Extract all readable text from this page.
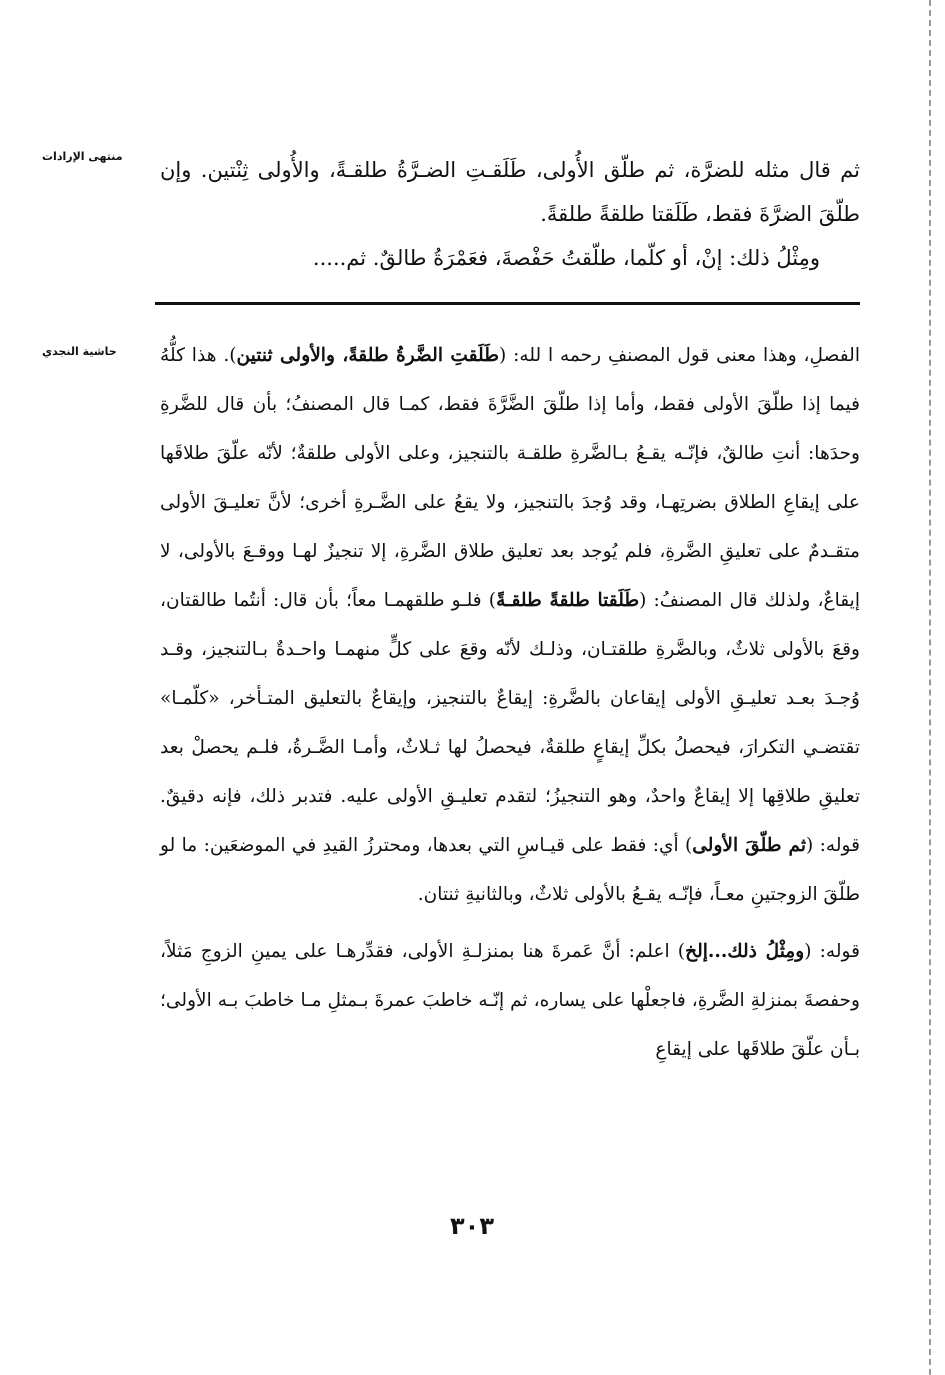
منتهى الإرادات
حاشية النجدي

ثم قال مثله للضرَّة، ثم طلّق الأُولى، طَلَقـتِ الضـرَّةُ طلقـةً، والأُولى ثِنْتين. وإن طلّقَ الضرَّةَ فقط، طَلَقتا طلقةً طلقةً.

ومِثْلُ ذلك: إنْ، أو كلّما، طلّقتُ حَفْصةَ، فعَمْرَةُ طالقٌ. ثم.....

الفصلِ، وهذا معنى قول المصنفِ رحمه ا لله: (طَلَقتِ الضَّرةُ طلقةً، والأولى ثنتين). هذا كلُّهُ فيما إذا طلّقَ الأولى فقط، وأما إذا طلّقَ الضَّرَّةَ فقط، كمـا قال المصنفُ؛ بأن قال للضَّرةِ وحدَها: أنتِ طالقٌ، فإنّـه يقـعُ بـالضَّرةِ طلقـة بالتنجيز، وعلى الأولى طلقةٌ؛ لأنّه علّقَ طلاقَها على إيقاعِ الطلاق بضرتِهـا، وقد وُجدَ بالتنجيز، ولا يقعُ على الضَّـرةِ أخرى؛ لأنَّ تعليـقَ الأولى متقـدمٌ على تعليقِ الضَّرةِ، فلم يُوجد بعد تعليق طلاق الضَّرةِ، إلا تنجيزٌ لهـا ووقـعَ بالأولى، لا إيقاعٌ، ولذلك قال المصنفُ: (طَلَقتا طلقةً طلقـةً) فلـو طلقهمـا معاً؛ بأن قال: أنتُما طالقتان، وقعَ بالأولى ثلاثٌ، وبالضَّرةِ طلقتـان، وذلـك لأنّه وقعَ على كلٍّ منهمـا واحـدةٌ بـالتنجيز، وقـد وُجـدَ بعـد تعليـقِ الأولى إيقاعان بالضَّرةِ: إيقاعٌ بالتنجيز، وإيقاعٌ بالتعليق المتـأخر، «كلّمـا» تقتضـي التكرارَ، فيحصلُ بكلِّ إيقاعٍ طلقةٌ، فيحصلُ لها ثـلاثٌ، وأمـا الضَّـرةُ، فلـم يحصلْ بعد تعليقِ طلاقِها إلا إيقاعٌ واحدٌ، وهو التنجيزُ؛ لتقدم تعليـقِ الأولى عليه. فتدبر ذلك، فإنه دقيقٌ. قوله: (ثم طلّقَ الأولى) أي: فقط على قيـاسِ التي بعدها، ومحترزُ القيدِ في الموضعَين: ما لو طلّقَ الزوجتينِ معـاً، فإنّـه يقـعُ بالأولى ثلاثٌ، وبالثانيةِ ثنتان.

قوله: (ومِثْلُ ذلك...إلخ) اعلم: أنَّ عَمرةَ هنا بمنزلـةِ الأولى، فقدِّرهـا على يمينِ الزوجِ مَثلاً، وحفصةَ بمنزلةِ الضَّرةِ، فاجعلْها على يساره، ثم إنّـه خاطبَ عمرةَ بـمثلِ مـا خاطبَ بـه الأولى؛ بـأن علّقَ طلاقَها على إيقاعِ

٣٠٣
